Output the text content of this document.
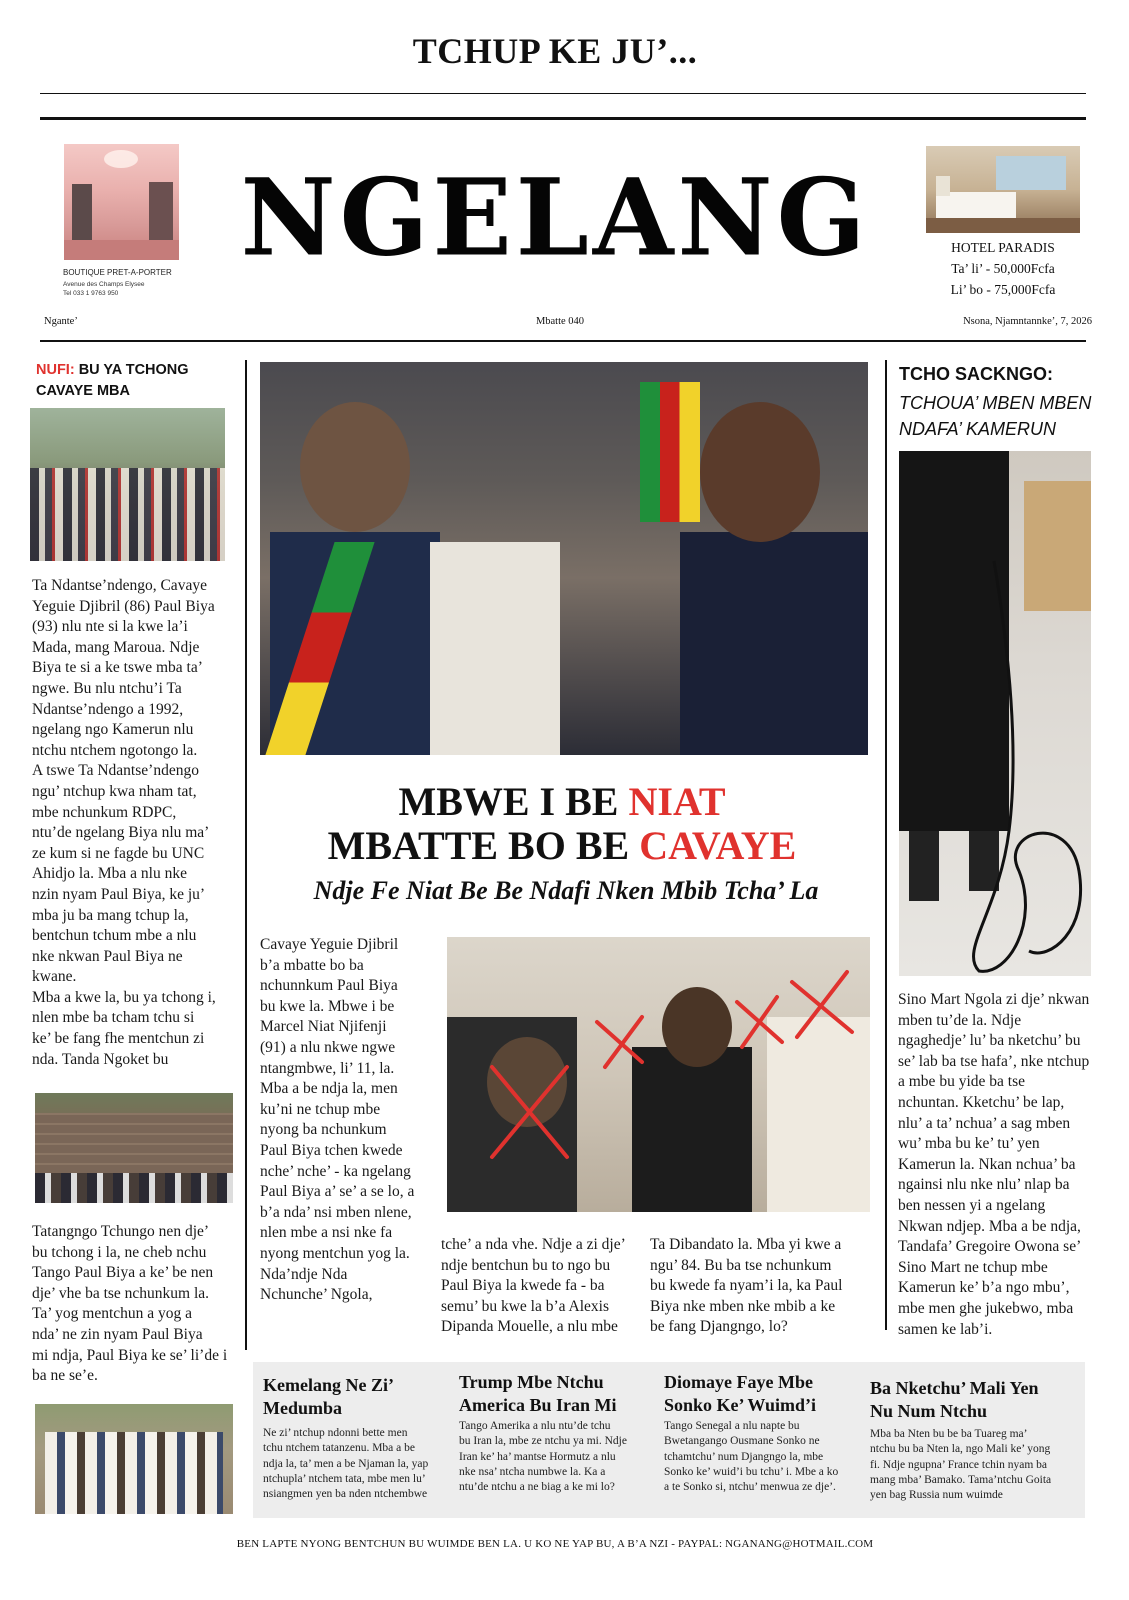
TCHUP KE JU’...
BOUTIQUE PRET-A-PORTER
Avenue des Champs Elysee
Tel 033 1 9763 950
NGELANG	HOTEL PARADIS
Ta’ li’ - 50,000Fcfa
Li’ bo - 75,000Fcfa
Ngante’	Mbatte 040	Nsona, Njamntannke’, 7, 2026
NUFI: BU YA TCHONG
CAVAYE MBA

Ta Ndantse’ndengo, Cavaye
Yeguie Djibril (86) Paul Biya
(93) nlu nte si la kwe la’i
Mada, mang Maroua. Ndje
Biya te si a ke tswe mba ta’
ngwe. Bu nlu ntchu’i Ta
Ndantse’ndengo a 1992,
ngelang ngo Kamerun nlu
ntchu ntchem ngotongo la.
A tswe Ta Ndantse’ndengo
ngu’ ntchup kwa nham tat,
mbe nchunkum RDPC,
ntu’de ngelang Biya nlu ma’
ze kum si ne fagde bu UNC
Ahidjo la. Mba a nlu nke
nzin nyam Paul Biya, ke ju’
mba ju ba mang tchup la,
bentchun tchum mbe a nlu
nke nkwan Paul Biya ne
kwane.
Mba a kwe la, bu ya tchong i,
nlen mbe ba tcham tchu si
ke’ be fang fhe mentchun zi
nda. Tanda Ngoket bu

Tatangngo Tchungo nen dje’
bu tchong i la, ne cheb nchu
Tango Paul Biya a ke’ be nen
dje’ vhe ba tse nchunkum la.
Ta’ yog mentchun a yog a
nda’ ne zin nyam Paul Biya
mi ndja, Paul Biya ke se’ li’de i
ba ne se’e.

MBWE I BE NIAT
MBATTE BO BE CAVAYE
Ndje Fe Niat Be Be Ndafi Nken Mbib Tcha’ La

Cavaye Yeguie Djibril
b’a mbatte bo ba
nchunnkum Paul Biya
bu kwe la. Mbwe i be
Marcel Niat Njifenji
(91) a nlu nkwe ngwe
ntangmbwe, li’ 11, la.
Mba a be ndja la, men
ku’ni ne tchup mbe
nyong ba nchunkum
Paul Biya tchen kwede
nche’ nche’ - ka ngelang
Paul Biya a’ se’ a se lo, a
b’a nda’ nsi mben nlene,
nlen mbe a nsi nke fa
nyong mentchun yog la.
Nda’ndje Nda
Nchunche’ Ngola,

tche’ a nda vhe. Ndje a zi dje’
ndje bentchun bu to ngo bu
Paul Biya la kwede fa - ba
semu’ bu kwe la b’a Alexis
Dipanda Mouelle, a nlu mbe

Ta Dibandato la. Mba yi kwe a
ngu’ 84. Bu ba tse nchunkum
bu kwede fa nyam’i la, ka Paul
Biya nke mben nke mbib a ke
be fang Djangngo, lo?

TCHO SACKNGO:
TCHOUA’ MBEN MBEN
NDAFA’ KAMERUN

Sino Mart Ngola zi dje’ nkwan
mben tu’de la. Ndje
ngaghedje’ lu’ ba nketchu’ bu
se’ lab ba tse hafa’, nke ntchup
a mbe bu yide ba tse
nchuntan. Kketchu’ be lap,
nlu’ a ta’ nchua’ a sag mben
wu’ mba bu ke’ tu’ yen
Kamerun la. Nkan nchua’ ba
ngainsi nlu nke nlu’ nlap ba
ben nessen yi a ngelang
Nkwan ndjep. Mba a be ndja,
Tandafa’ Gregoire Owona se’
Sino Mart ne tchup mbe
Kamerun ke’ b’a ngo mbu’,
mbe men ghe jukebwo, mba
samen ke lab’i.

Kemelang Ne Zi’
Medumba

Ne zi’ ntchup ndonni bette men
tchu ntchem tatanzenu. Mba a be
ndja la, ta’ men a be Njaman la, yap
ntchupla’ ntchem tata, mbe men lu’
nsiangmen yen ba nden ntchembwe

Trump Mbe Ntchu
America Bu Iran Mi

Tango Amerika a nlu ntu’de tchu
bu Iran la, mbe ze ntchu ya mi. Ndje
Iran ke’ ha’ mantse Hormutz a nlu
nke nsa’ ntcha numbwe la. Ka a
ntu’de ntchu a ne biag a ke mi lo?

Diomaye Faye Mbe
Sonko Ke’ Wuimd’i

Tango Senegal a nlu napte bu
Bwetangango Ousmane Sonko ne
tchamtchu’ num Djangngo la, mbe
Sonko ke’ wuid’i bu tchu’ i. Mbe a ko
a te Sonko si, ntchu’ menwua ze dje’.

Ba Nketchu’ Mali Yen
Nu Num Ntchu

Mba ba Nten bu be ba Tuareg ma’
ntchu bu ba Nten la, ngo Mali ke’ yong
fi. Ndje ngupna’ France tchin nyam ba
mang mba’ Bamako. Tama’ntchu Goita
yen bag Russia num wuimde

BEN LAPTE NYONG BENTCHUN BU WUIMDE BEN LA. U KO NE YAP BU, A B’A NZI - PAYPAL: NGANANG@HOTMAIL.COM
